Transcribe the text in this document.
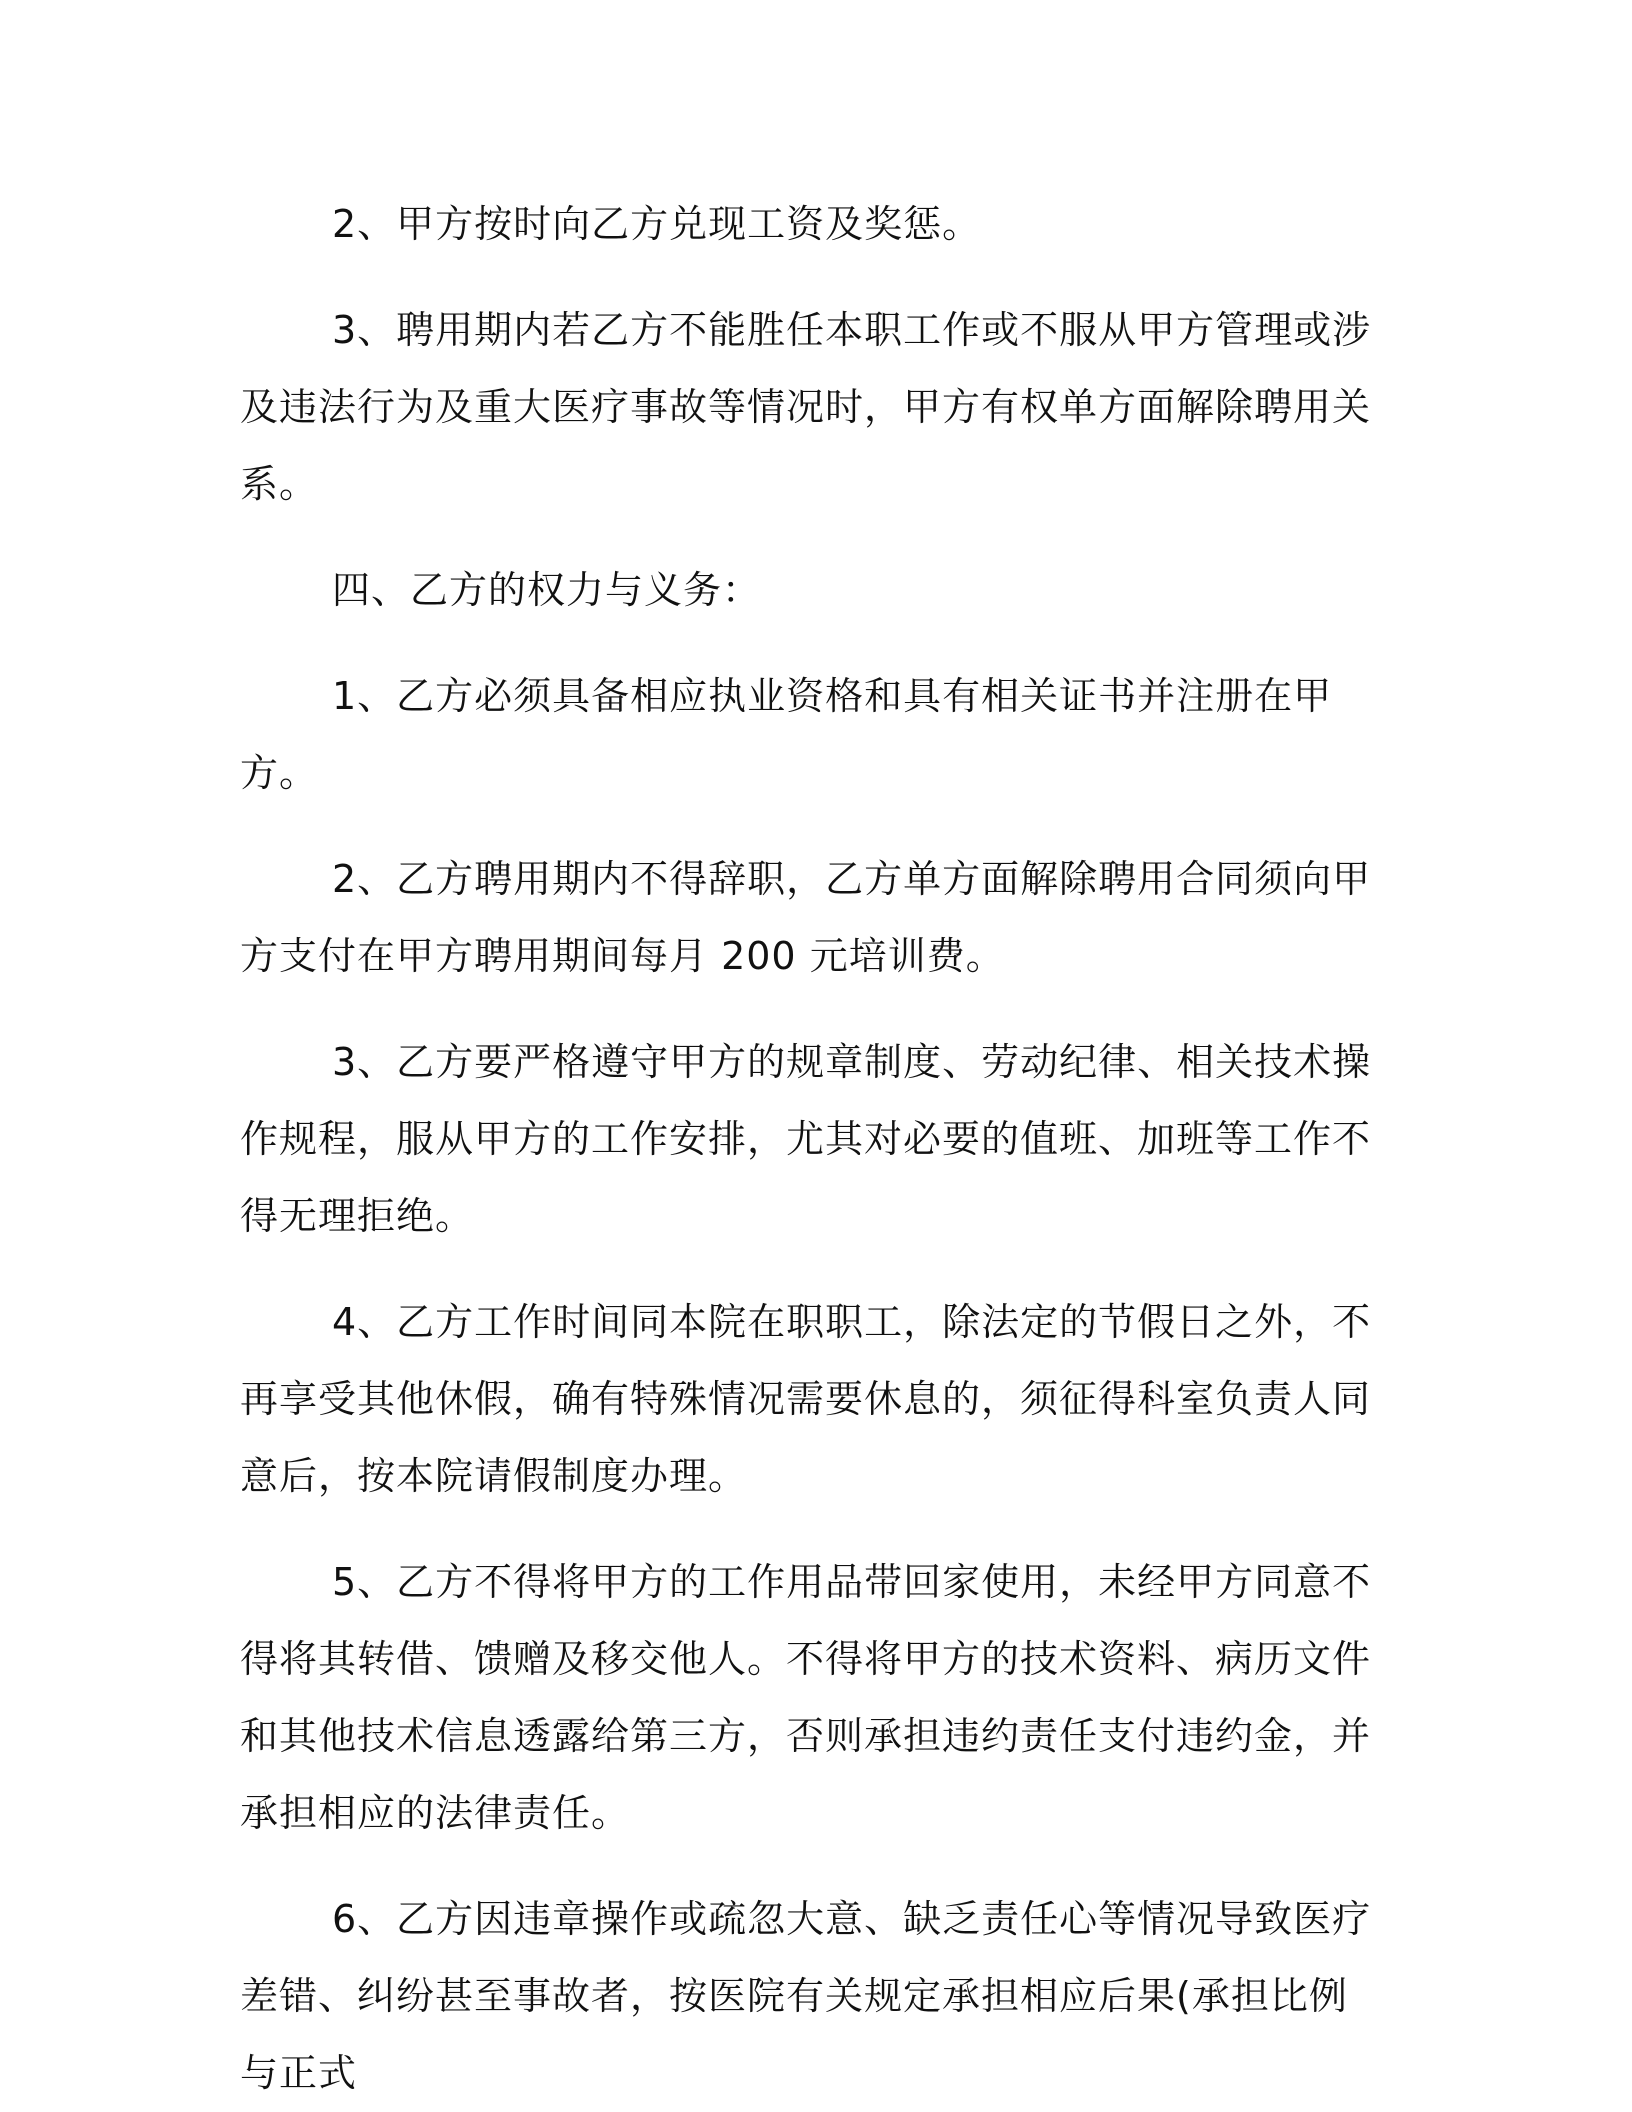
2、甲方按时向乙方兑现工资及奖惩。

3、聘用期内若乙方不能胜任本职工作或不服从甲方管理或涉及违法行为及重大医疗事故等情况时，甲方有权单方面解除聘用关系。

四、乙方的权力与义务：

1、乙方必须具备相应执业资格和具有相关证书并注册在甲方。

2、乙方聘用期内不得辞职，乙方单方面解除聘用合同须向甲方支付在甲方聘用期间每月 200 元培训费。

3、乙方要严格遵守甲方的规章制度、劳动纪律、相关技术操作规程，服从甲方的工作安排，尤其对必要的值班、加班等工作不得无理拒绝。

4、乙方工作时间同本院在职职工，除法定的节假日之外，不再享受其他休假，确有特殊情况需要休息的，须征得科室负责人同意后，按本院请假制度办理。

5、乙方不得将甲方的工作用品带回家使用，未经甲方同意不得将其转借、馈赠及移交他人。不得将甲方的技术资料、病历文件和其他技术信息透露给第三方，否则承担违约责任支付违约金，并承担相应的法律责任。

6、乙方因违章操作或疏忽大意、缺乏责任心等情况导致医疗差错、纠纷甚至事故者，按医院有关规定承担相应后果(承担比例与正式
